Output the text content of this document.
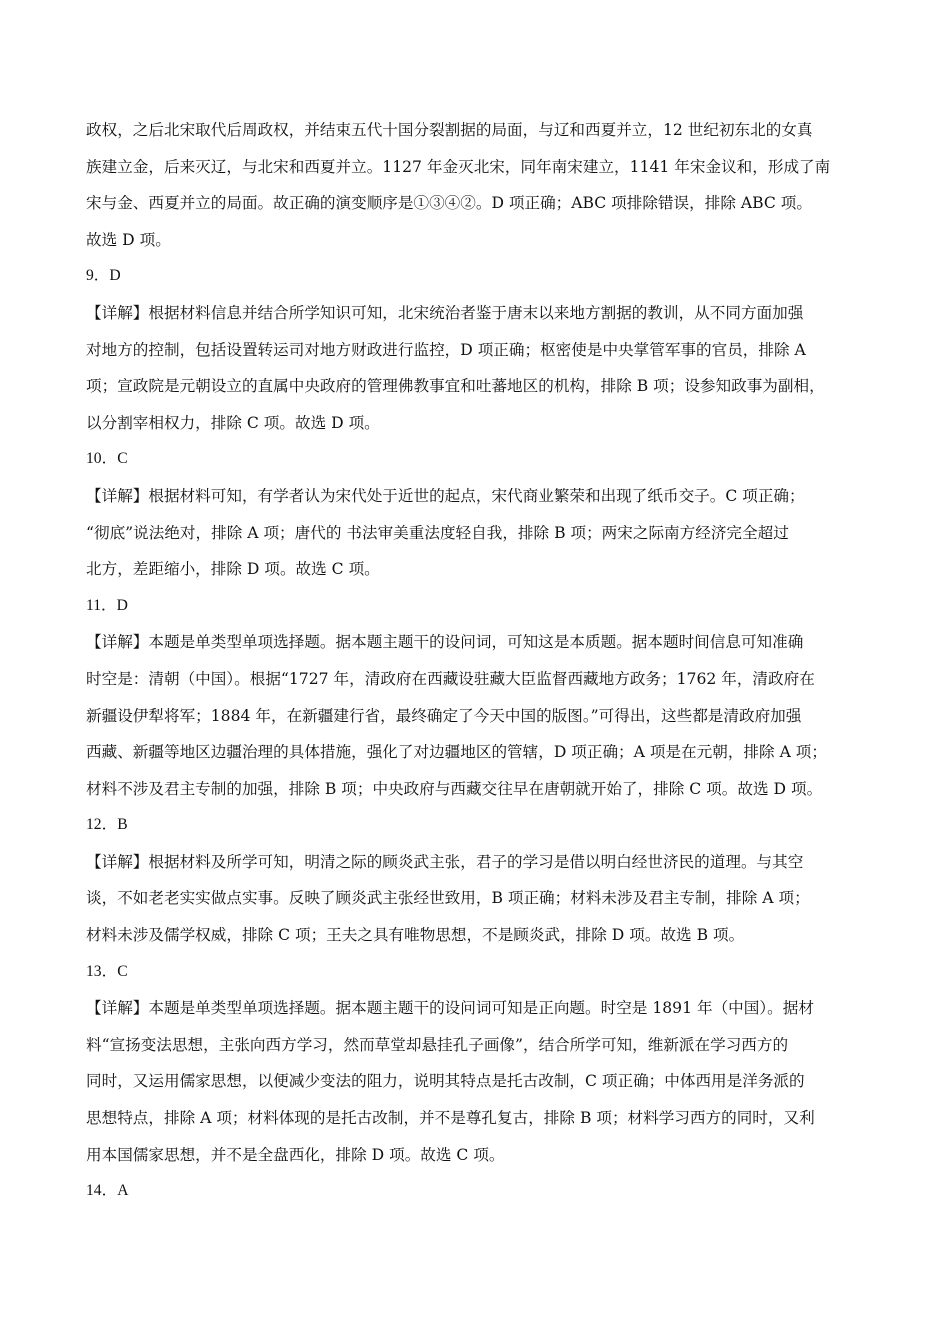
政权，之后北宋取代后周政权，并结束五代十国分裂割据的局面，与辽和西夏并立，12 世纪初东北的女真
族建立金，后来灭辽，与北宋和西夏并立。1127 年金灭北宋，同年南宋建立，1141 年宋金议和，形成了南
宋与金、西夏并立的局面。故正确的演变顺序是①③④②。D 项正确；ABC 项排除错误，排除 ABC 项。
故选 D 项。
9．D
【详解】根据材料信息并结合所学知识可知，北宋统治者鉴于唐末以来地方割据的教训，从不同方面加强
对地方的控制，包括设置转运司对地方财政进行监控，D 项正确；枢密使是中央掌管军事的官员，排除 A
项；宣政院是元朝设立的直属中央政府的管理佛教事宜和吐蕃地区的机构，排除 B 项；设参知政事为副相，
以分割宰相权力，排除 C 项。故选 D 项。
10．C
【详解】根据材料可知，有学者认为宋代处于近世的起点，宋代商业繁荣和出现了纸币交子。C 项正确；
“彻底”说法绝对，排除 A 项；唐代的 书法审美重法度轻自我，排除 B 项；两宋之际南方经济完全超过
北方，差距缩小，排除 D 项。故选 C 项。
11．D
【详解】本题是单类型单项选择题。据本题主题干的设问词，可知这是本质题。据本题时间信息可知准确
时空是：清朝（中国）。根据“1727 年，清政府在西藏设驻藏大臣监督西藏地方政务；1762 年，清政府在
新疆设伊犁将军；1884 年，在新疆建行省，最终确定了今天中国的版图。”可得出，这些都是清政府加强
西藏、新疆等地区边疆治理的具体措施，强化了对边疆地区的管辖，D 项正确；A 项是在元朝，排除 A 项；
材料不涉及君主专制的加强，排除 B 项；中央政府与西藏交往早在唐朝就开始了，排除 C 项。故选 D 项。
12．B
【详解】根据材料及所学可知，明清之际的顾炎武主张，君子的学习是借以明白经世济民的道理。与其空
谈，不如老老实实做点实事。反映了顾炎武主张经世致用，B 项正确；材料未涉及君主专制，排除 A 项；
材料未涉及儒学权威，排除 C 项；王夫之具有唯物思想，不是顾炎武，排除 D 项。故选 B 项。
13．C
【详解】本题是单类型单项选择题。据本题主题干的设问词可知是正向题。时空是 1891 年（中国）。据材
料“宣扬变法思想，主张向西方学习，然而草堂却悬挂孔子画像”，结合所学可知，维新派在学习西方的
同时，又运用儒家思想，以便减少变法的阻力，说明其特点是托古改制，C 项正确；中体西用是洋务派的
思想特点，排除 A 项；材料体现的是托古改制，并不是尊孔复古，排除 B 项；材料学习西方的同时，又利
用本国儒家思想，并不是全盘西化，排除 D 项。故选 C 项。
14．A
